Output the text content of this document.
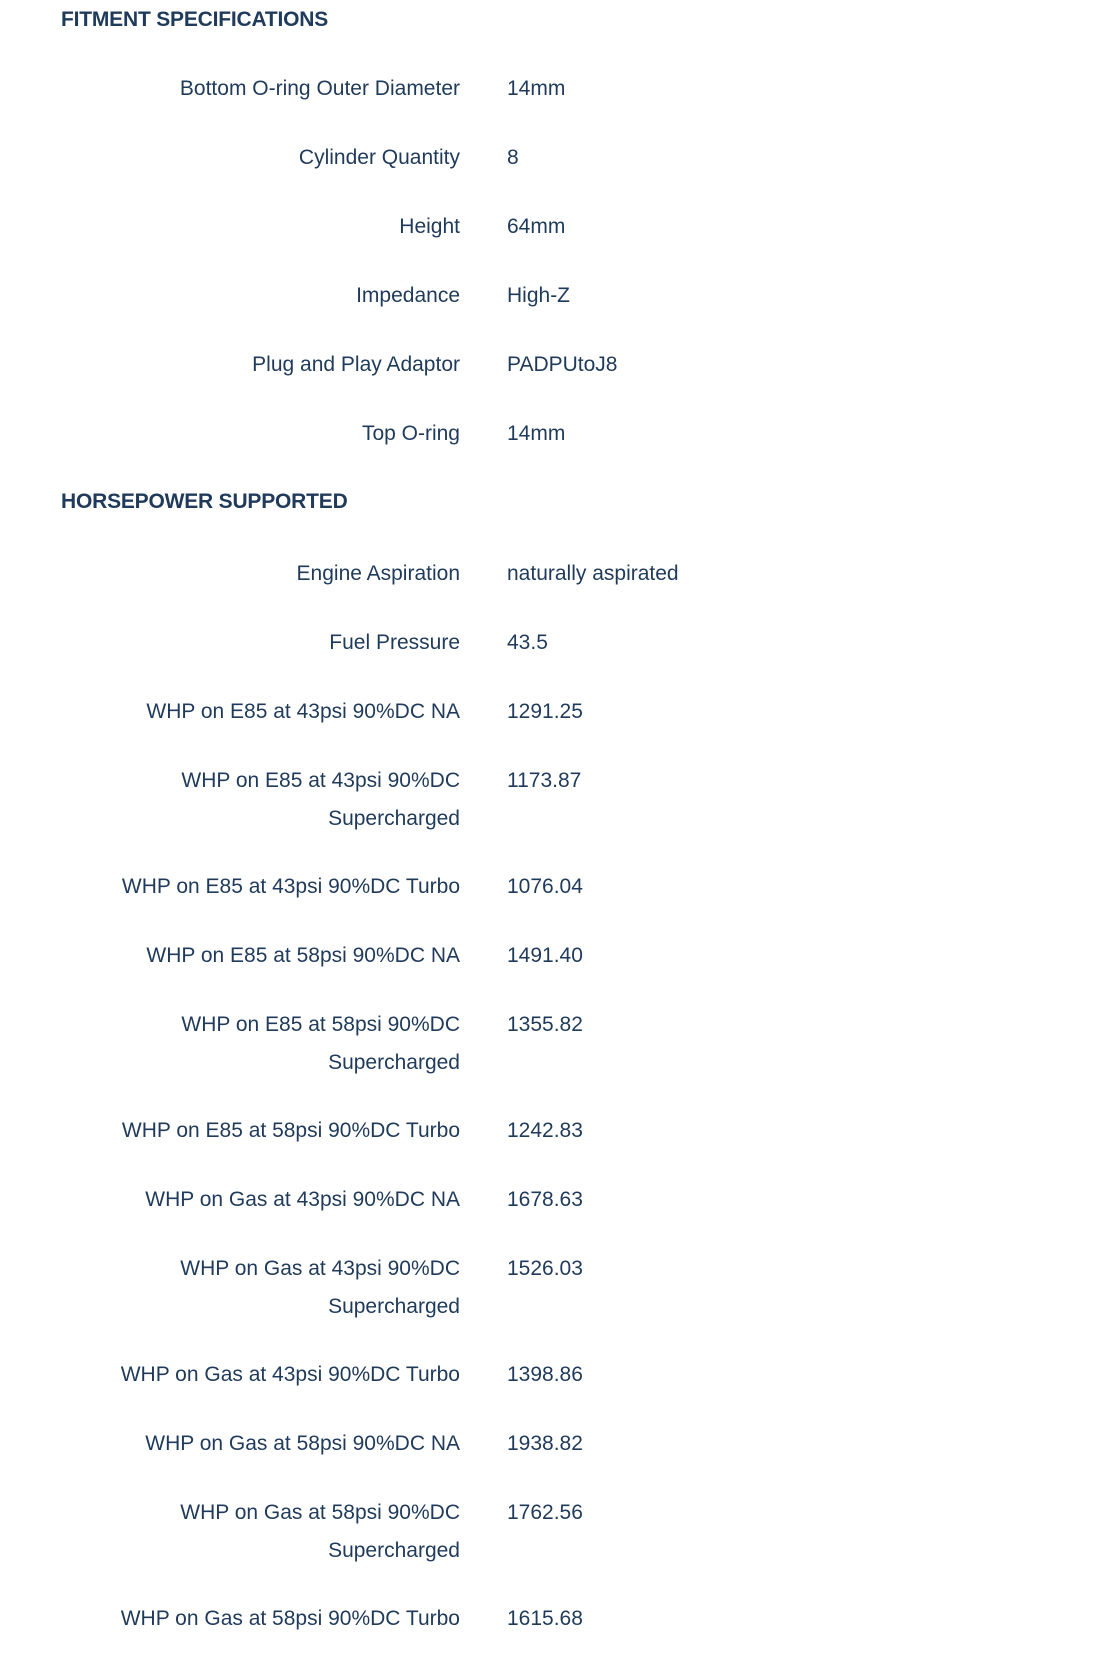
FITMENT SPECIFICATIONS
Bottom O-ring Outer Diameter 14mm
Cylinder Quantity 8
Height 64mm
Impedance High-Z
Plug and Play Adaptor PADPUtoJ8
Top O-ring 14mm
HORSEPOWER SUPPORTED
Engine Aspiration naturally aspirated
Fuel Pressure 43.5
WHP on E85 at 43psi 90%DC NA 1291.25
WHP on E85 at 43psi 90%DC Supercharged
1173.87
WHP on E85 at 43psi 90%DC Turbo 1076.04
WHP on E85 at 58psi 90%DC NA 1491.40
WHP on E85 at 58psi 90%DC Supercharged
1355.82
WHP on E85 at 58psi 90%DC Turbo 1242.83
WHP on Gas at 43psi 90%DC NA 1678.63
WHP on Gas at 43psi 90%DC Supercharged
1526.03
WHP on Gas at 43psi 90%DC Turbo 1398.86
WHP on Gas at 58psi 90%DC NA 1938.82
WHP on Gas at 58psi 90%DC Supercharged
1762.56
WHP on Gas at 58psi 90%DC Turbo 1615.68
